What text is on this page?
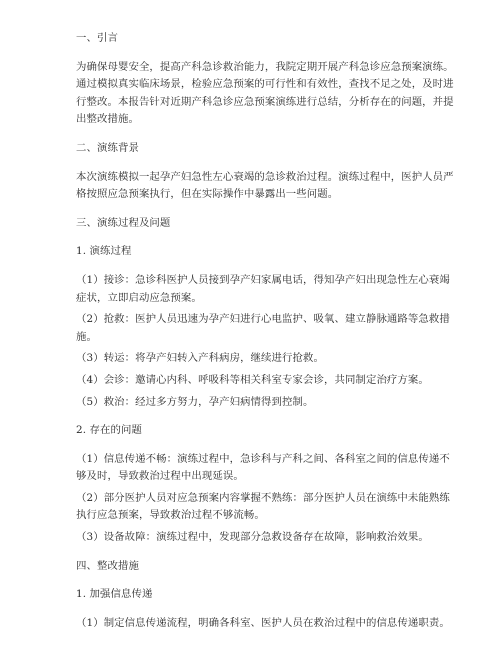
一、引言
为确保母婴安全，提高产科急诊救治能力，我院定期开展产科急诊应急预案演练。
通过模拟真实临床场景，检验应急预案的可行性和有效性，查找不足之处，及时进
行整改。本报告针对近期产科急诊应急预案演练进行总结，分析存在的问题，并提
出整改措施。
二、演练背景
本次演练模拟一起孕产妇急性左心衰竭的急诊救治过程。演练过程中，医护人员严
格按照应急预案执行，但在实际操作中暴露出一些问题。
三、演练过程及问题
1. 演练过程
（1）接诊：急诊科医护人员接到孕产妇家属电话，得知孕产妇出现急性左心衰竭
症状，立即启动应急预案。
（2）抢救：医护人员迅速为孕产妇进行心电监护、吸氧、建立静脉通路等急救措
施。
（3）转运：将孕产妇转入产科病房，继续进行抢救。
（4）会诊：邀请心内科、呼吸科等相关科室专家会诊，共同制定治疗方案。
（5）救治：经过多方努力，孕产妇病情得到控制。
2. 存在的问题
（1）信息传递不畅：演练过程中，急诊科与产科之间、各科室之间的信息传递不
够及时，导致救治过程中出现延误。
（2）部分医护人员对应急预案内容掌握不熟练：部分医护人员在演练中未能熟练
执行应急预案，导致救治过程不够流畅。
（3）设备故障：演练过程中，发现部分急救设备存在故障，影响救治效果。
四、整改措施
1. 加强信息传递
（1）制定信息传递流程，明确各科室、医护人员在救治过程中的信息传递职责。
